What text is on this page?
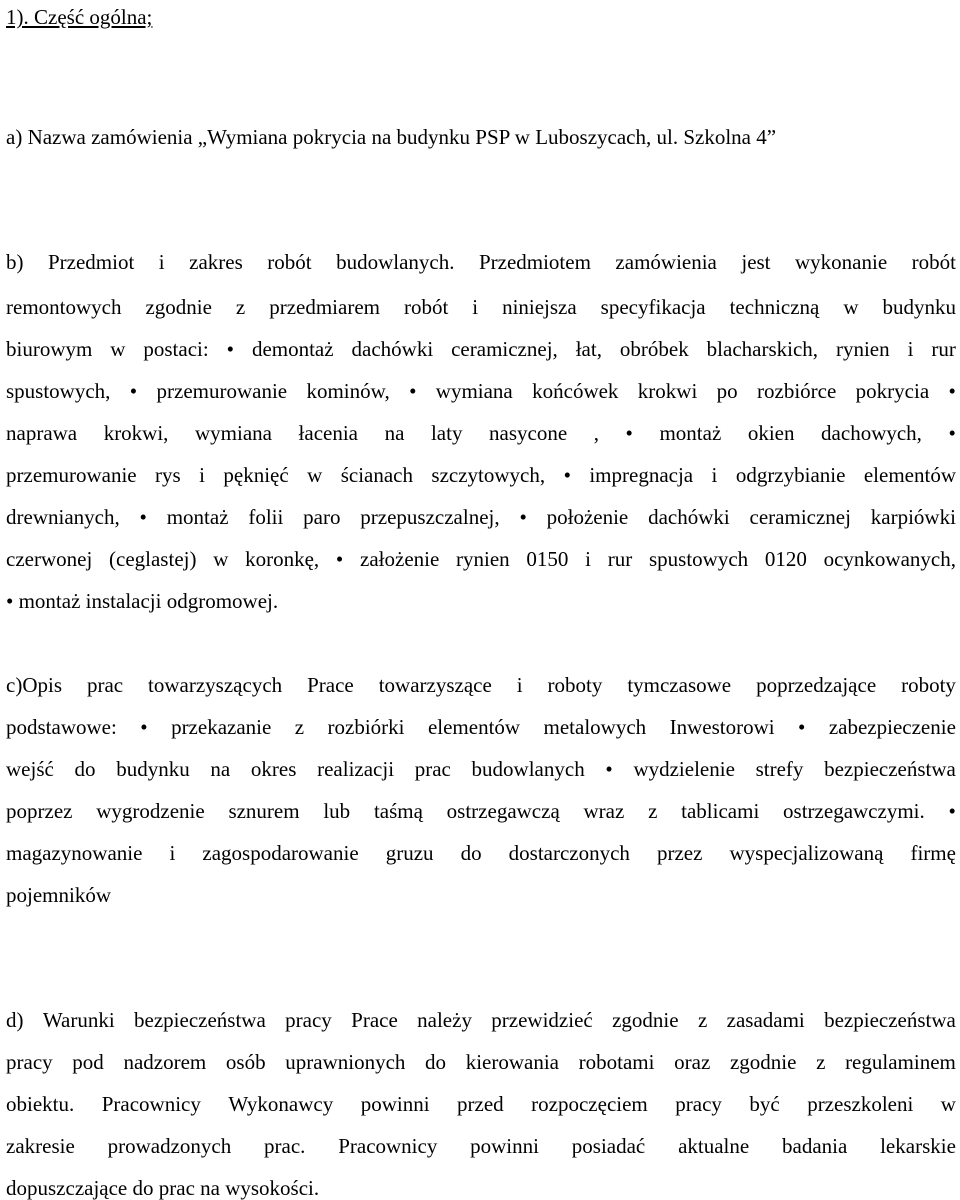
1). Część ogólna;
a) Nazwa zamówienia „Wymiana pokrycia na budynku PSP w Luboszycach, ul. Szkolna 4”
b) Przedmiot i zakres robót budowlanych. Przedmiotem zamówienia jest wykonanie robót
remontowych zgodnie z przedmiarem robót i niniejsza specyfikacja techniczną w budynku
biurowym w postaci: • demontaż dachówki ceramicznej, łat, obróbek blacharskich, rynien i rur
spustowych, • przemurowanie kominów, • wymiana końcówek krokwi po rozbiórce pokrycia •
naprawa krokwi, wymiana łacenia na laty nasycone , • montaż okien dachowych, •
przemurowanie rys i pęknięć w ścianach szczytowych, • impregnacja i odgrzybianie elementów
drewnianych, • montaż folii paro przepuszczalnej, • położenie dachówki ceramicznej karpiówki
czerwonej (ceglastej) w koronkę, • założenie rynien 0150 i rur spustowych 0120 ocynkowanych,
• montaż instalacji odgromowej.
c)Opis prac towarzyszących Prace towarzyszące i roboty tymczasowe poprzedzające roboty
podstawowe: • przekazanie z rozbiórki elementów metalowych Inwestorowi • zabezpieczenie
wejść do budynku na okres realizacji prac budowlanych • wydzielenie strefy bezpieczeństwa
poprzez wygrodzenie sznurem lub taśmą ostrzegawczą wraz z tablicami ostrzegawczymi. •
magazynowanie i zagospodarowanie gruzu do dostarczonych przez wyspecjalizowaną firmę
pojemników
d) Warunki bezpieczeństwa pracy Prace należy przewidzieć zgodnie z zasadami bezpieczeństwa
pracy pod nadzorem osób uprawnionych do kierowania robotami oraz zgodnie z regulaminem
obiektu. Pracownicy Wykonawcy powinni przed rozpoczęciem pracy być przeszkoleni w
zakresie prowadzonych prac. Pracownicy powinni posiadać aktualne badania lekarskie
dopuszczające do prac na wysokości.
